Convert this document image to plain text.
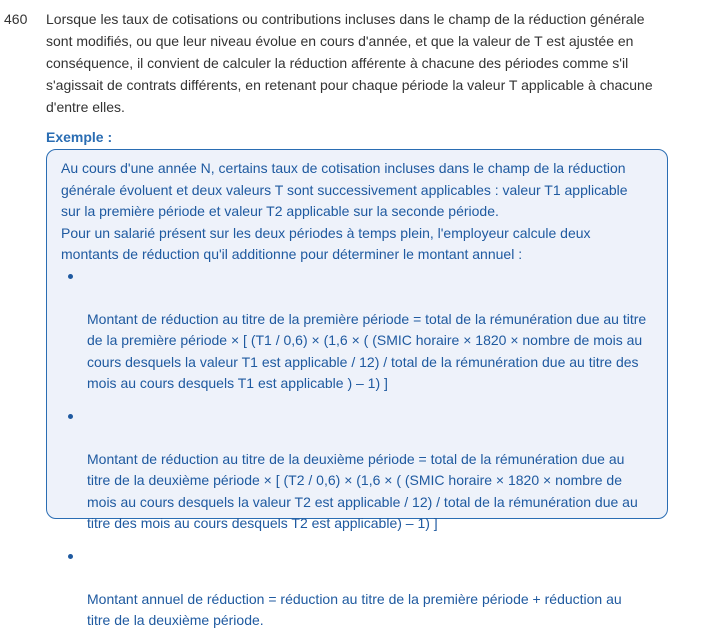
460 Lorsque les taux de cotisations ou contributions incluses dans le champ de la réduction générale
sont modifiés, ou que leur niveau évolue en cours d'année, et que la valeur de T est ajustée en
conséquence, il convient de calculer la réduction afférente à chacune des périodes comme s'il
s'agissait de contrats différents, en retenant pour chaque période la valeur T applicable à chacune
d'entre elles.
Exemple :

Au cours d'une année N, certains taux de cotisation incluses dans le champ de la réduction
générale évoluent et deux valeurs T sont successivement applicables : valeur T1 applicable
sur la première période et valeur T2 applicable sur la seconde période.
Pour un salarié présent sur les deux périodes à temps plein, l'employeur calcule deux
montants de réduction qu'il additionne pour déterminer le montant annuel :

Montant de réduction au titre de la première période = total de la rémunération due au titre
de la première période × [ (T1 / 0,6) × (1,6 × ( (SMIC horaire × 1820 × nombre de mois au
cours desquels la valeur T1 est applicable / 12) / total de la rémunération due au titre des
mois au cours desquels T1 est applicable ) – 1) ]

Montant de réduction au titre de la deuxième période = total de la rémunération due au
titre de la deuxième période × [ (T2 / 0,6) × (1,6 × ( (SMIC horaire × 1820 × nombre de
mois au cours desquels la valeur T2 est applicable / 12) / total de la rémunération due au
titre des mois au cours desquels T2 est applicable) – 1) ]

Montant annuel de réduction = réduction au titre de la première période + réduction au
titre de la deuxième période.
